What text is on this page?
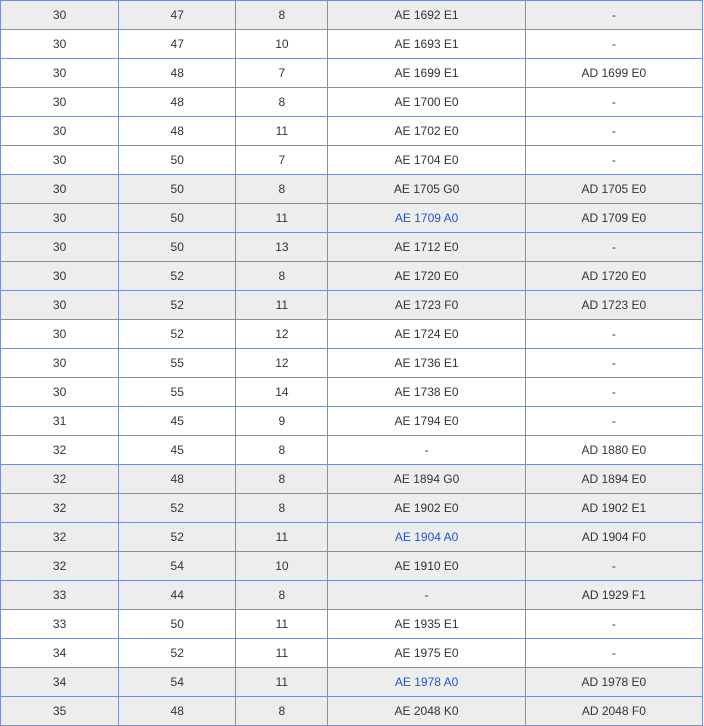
30	47	8	AE 1692 E1	-
30	47	10	AE 1693 E1	-
30	48	7	AE 1699 E1	AD 1699 E0
30	48	8	AE 1700 E0	-
30	48	11	AE 1702 E0	-
30	50	7	AE 1704 E0	-
30	50	8	AE 1705 G0	AD 1705 E0
30	50	11	AE 1709 A0	AD 1709 E0
30	50	13	AE 1712 E0	-
30	52	8	AE 1720 E0	AD 1720 E0
30	52	11	AE 1723 F0	AD 1723 E0
30	52	12	AE 1724 E0	-
30	55	12	AE 1736 E1	-
30	55	14	AE 1738 E0	-
31	45	9	AE 1794 E0	-
32	45	8	-	AD 1880 E0
32	48	8	AE 1894 G0	AD 1894 E0
32	52	8	AE 1902 E0	AD 1902 E1
32	52	11	AE 1904 A0	AD 1904 F0
32	54	10	AE 1910 E0	-
33	44	8	-	AD 1929 F1
33	50	11	AE 1935 E1	-
34	52	11	AE 1975 E0	-
34	54	11	AE 1978 A0	AD 1978 E0
35	48	8	AE 2048 K0	AD 2048 F0
